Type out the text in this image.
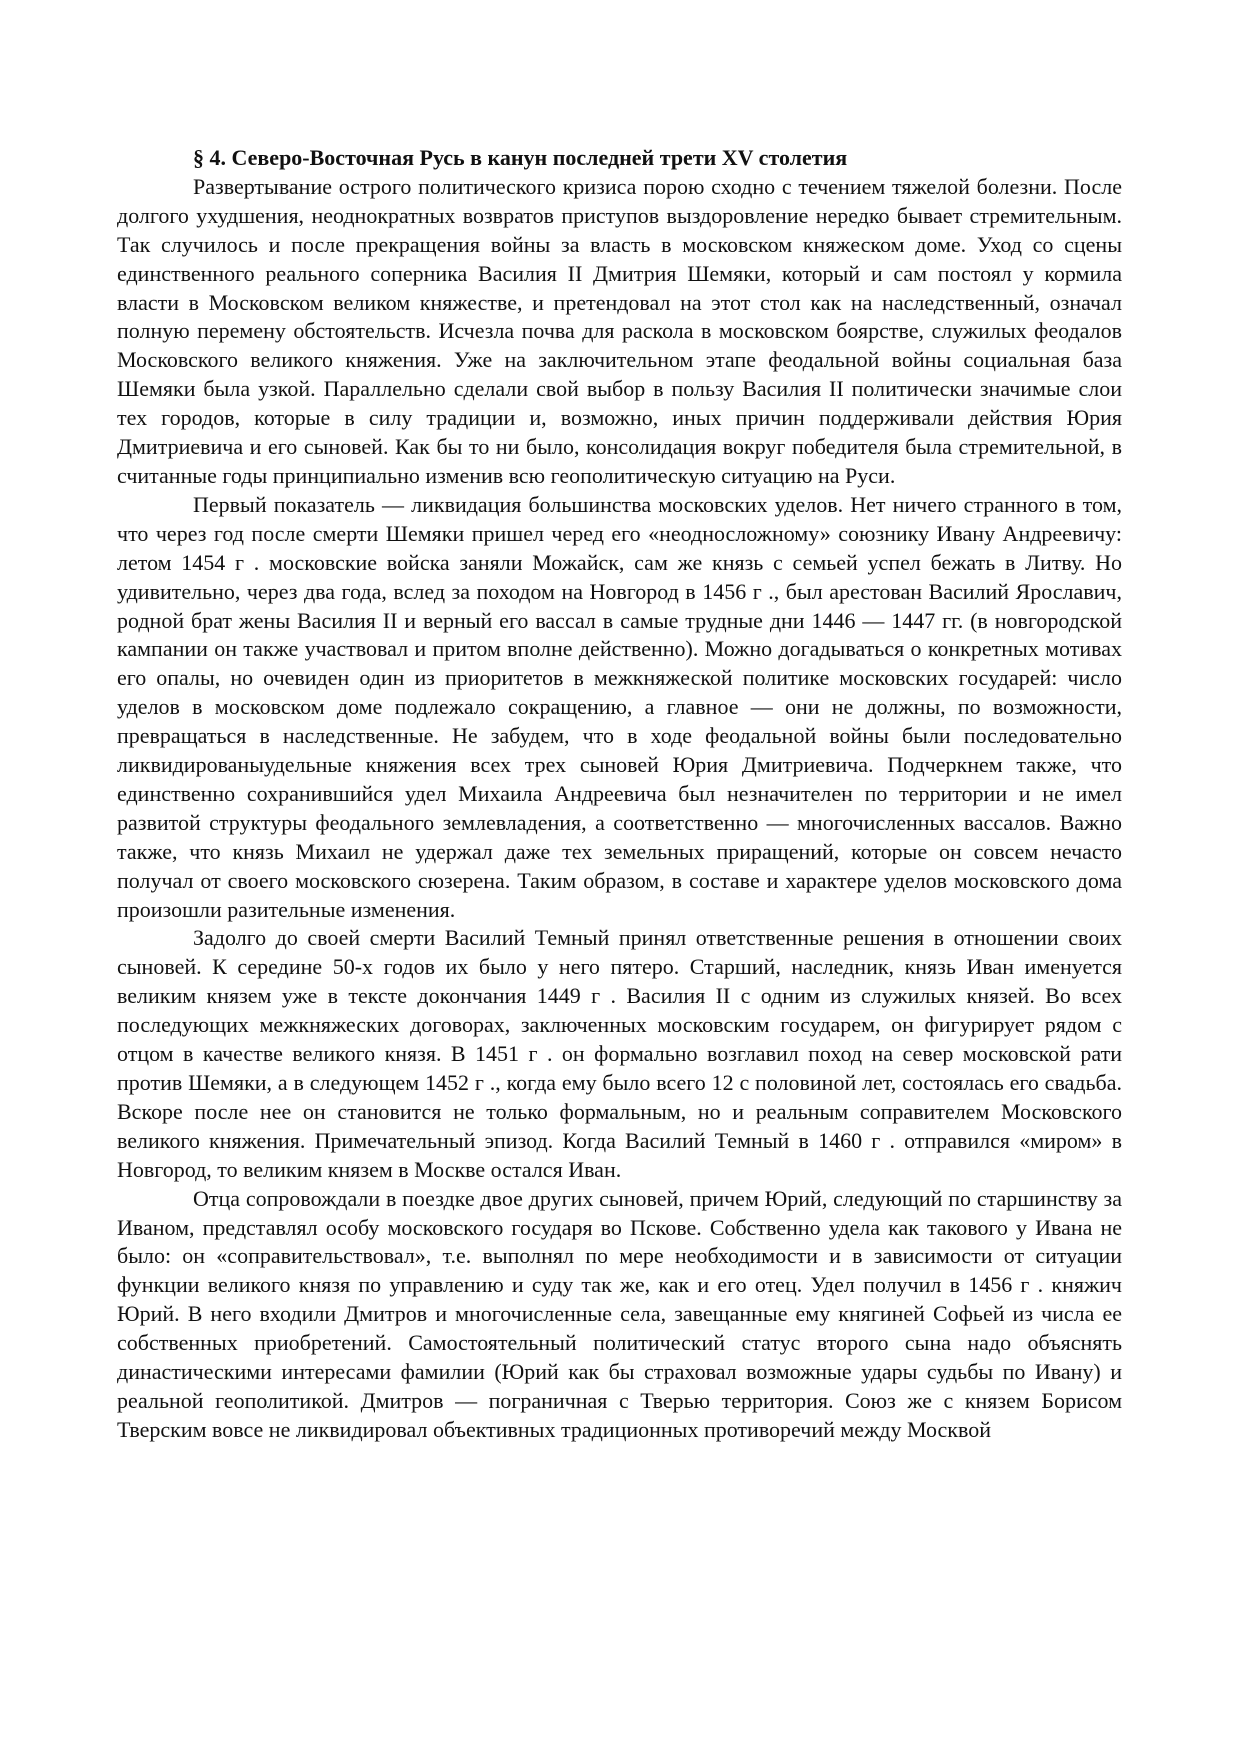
§ 4. Северо-Восточная Русь в канун последней трети XV столетия

Развертывание острого политического кризиса порою сходно с течением тяжелой болезни. После долгого ухудшения, неоднократных возвратов приступов выздоровление нередко бывает стремительным. Так случилось и после прекращения войны за власть в московском княжеском доме. Уход со сцены единственного реального соперника Василия II Дмитрия Шемяки, который и сам постоял у кормила власти в Московском великом княжестве, и претендовал на этот стол как на наследственный, означал полную перемену обстоятельств. Исчезла почва для раскола в московском боярстве, служилых феодалов Московского великого княжения. Уже на заключительном этапе феодальной войны социальная база Шемяки была узкой. Параллельно сделали свой выбор в пользу Василия II политически значимые слои тех городов, которые в силу традиции и, возможно, иных причин поддерживали действия Юрия Дмитриевича и его сыновей. Как бы то ни было, консолидация вокруг победителя была стремительной, в считанные годы принципиально изменив всю геополитическую ситуацию на Руси.

Первый показатель — ликвидация большинства московских уделов. Нет ничего странного в том, что через год после смерти Шемяки пришел черед его «неодносложному» союзнику Ивану Андреевичу: летом 1454 г . московские войска заняли Можайск, сам же князь с семьей успел бежать в Литву. Но удивительно, через два года, вслед за походом на Новгород в 1456 г ., был арестован Василий Ярославич, родной брат жены Василия II и верный его вассал в самые трудные дни 1446 — 1447 гг. (в новгородской кампании он также участвовал и притом вполне действенно). Можно догадываться о конкретных мотивах его опалы, но очевиден один из приоритетов в межкняжеской политике московских государей: число уделов в московском доме подлежало сокращению, а главное — они не должны, по возможности, превращаться в наследственные. Не забудем, что в ходе феодальной войны были последовательно ликвидированыудельные княжения всех трех сыновей Юрия Дмитриевича. Подчеркнем также, что единственно сохранившийся удел Михаила Андреевича был незначителен по территории и не имел развитой структуры феодального землевладения, а соответственно — многочисленных вассалов. Важно также, что князь Михаил не удержал даже тех земельных приращений, которые он совсем нечасто получал от своего московского сюзерена. Таким образом, в составе и характере уделов московского дома произошли разительные изменения.

Задолго до своей смерти Василий Темный принял ответственные решения в отношении своих сыновей. К середине 50-х годов их было у него пятеро. Старший, наследник, князь Иван именуется великим князем уже в тексте докончания 1449 г . Василия II с одним из служилых князей. Во всех последующих межкняжеских договорах, заключенных московским государем, он фигурирует рядом с отцом в качестве великого князя. В 1451 г . он формально возглавил поход на север московской рати против Шемяки, а в следующем 1452 г ., когда ему было всего 12 с половиной лет, состоялась его свадьба. Вскоре после нее он становится не только формальным, но и реальным соправителем Московского великого княжения. Примечательный эпизод. Когда Василий Темный в 1460 г . отправился «миром» в Новгород, то великим князем в Москве остался Иван.

Отца сопровождали в поездке двое других сыновей, причем Юрий, следующий по старшинству за Иваном, представлял особу московского государя во Пскове. Собственно удела как такового у Ивана не было: он «соправительствовал», т.е. выполнял по мере необходимости и в зависимости от ситуации функции великого князя по управлению и суду так же, как и его отец. Удел получил в 1456 г . княжич Юрий. В него входили Дмитров и многочисленные села, завещанные ему княгиней Софьей из числа ее собственных приобретений. Самостоятельный политический статус второго сына надо объяснять династическими интересами фамилии (Юрий как бы страховал возможные удары судьбы по Ивану) и реальной геополитикой. Дмитров — пограничная с Тверью территория. Союз же с князем Борисом Тверским вовсе не ликвидировал объективных традиционных противоречий между Москвой
